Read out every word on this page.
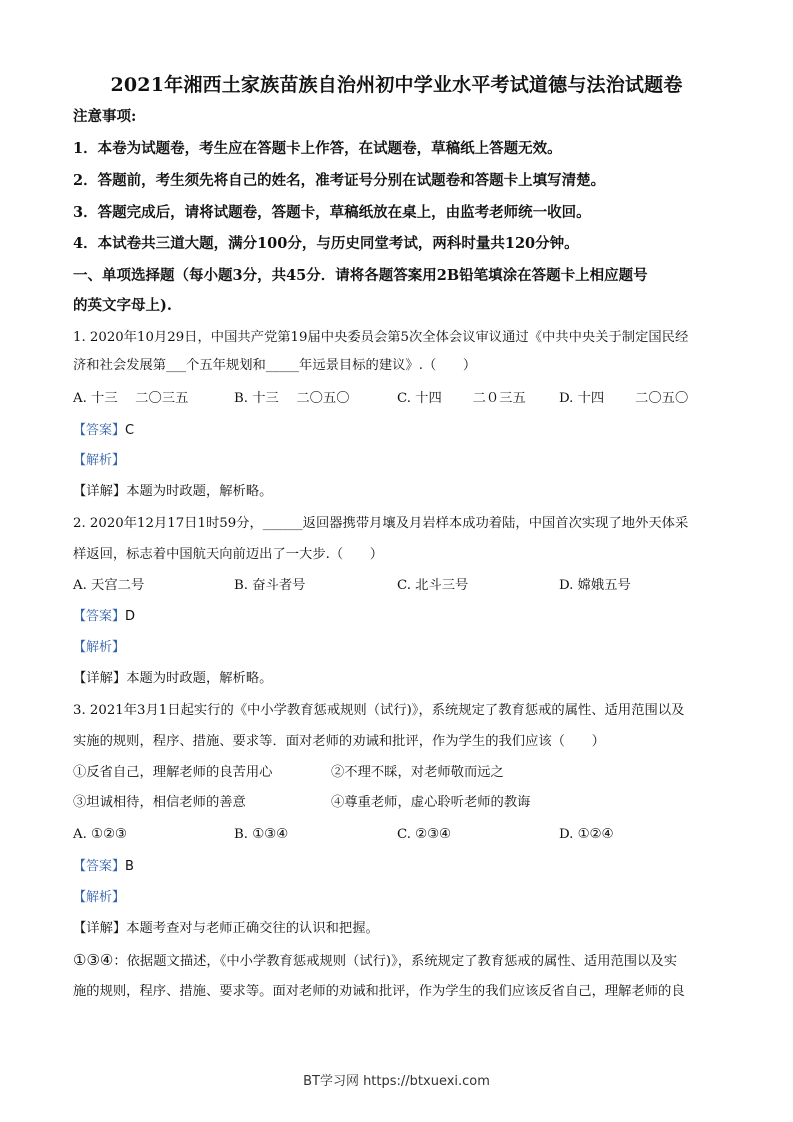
2021年湘西土家族苗族自治州初中学业水平考试道德与法治试题卷
注意事项:
1．本卷为试题卷，考生应在答题卡上作答，在试题卷，草稿纸上答题无效。
2．答题前，考生须先将自己的姓名，准考证号分别在试题卷和答题卡上填写清楚。
3．答题完成后，请将试题卷，答题卡，草稿纸放在桌上，由监考老师统一收回。
4．本试卷共三道大题，满分100分，与历史同堂考试，两科时量共120分钟。
一、单项选择题（每小题3分，共45分．请将各题答案用2B铅笔填涂在答题卡上相应题号
的英文字母上).
1. 2020年10月29日，中国共产党第19届中央委员会第5次全体会议审议通过《中共中央关于制定国民经
济和社会发展第___个五年规划和_____年远景目标的建议》.（　　）
A. 十三　 二〇三五	B. 十三　 二〇五〇	C. 十四　　 二０三五 D. 十四　　 二〇五〇
【答案】C
【解析】
【详解】本题为时政题，解析略。
2. 2020年12月17日1时59分，______返回器携带月壤及月岩样本成功着陆，中国首次实现了地外天体采
样返回，标志着中国航天向前迈出了一大步.（　　）
A. 天宫二号	B. 奋斗者号	C. 北斗三号	D. 嫦娥五号
【答案】D
【解析】
【详解】本题为时政题，解析略。
3. 2021年3月1日起实行的《中小学教育惩戒规则（试行)》，系统规定了教育惩戒的属性、适用范围以及
实施的规则，程序、措施、要求等．面对老师的劝诫和批评，作为学生的我们应该（　　）
①反省自己，理解老师的良苦用心	②不理不睬，对老师敬而远之
③坦诚相待，相信老师的善意	④尊重老师，虚心聆听老师的教诲
A. ①②③	B. ①③④	C. ②③④	D. ①②④
【答案】B
【解析】
【详解】本题考查对与老师正确交往的认识和把握。
①③④：依据题文描述，《中小学教育惩戒规则（试行)》，系统规定了教育惩戒的属性、适用范围以及实
施的规则，程序、措施、要求等。面对老师的劝诫和批评，作为学生的我们应该反省自己，理解老师的良
BT学习网 https://btxuexi.com
